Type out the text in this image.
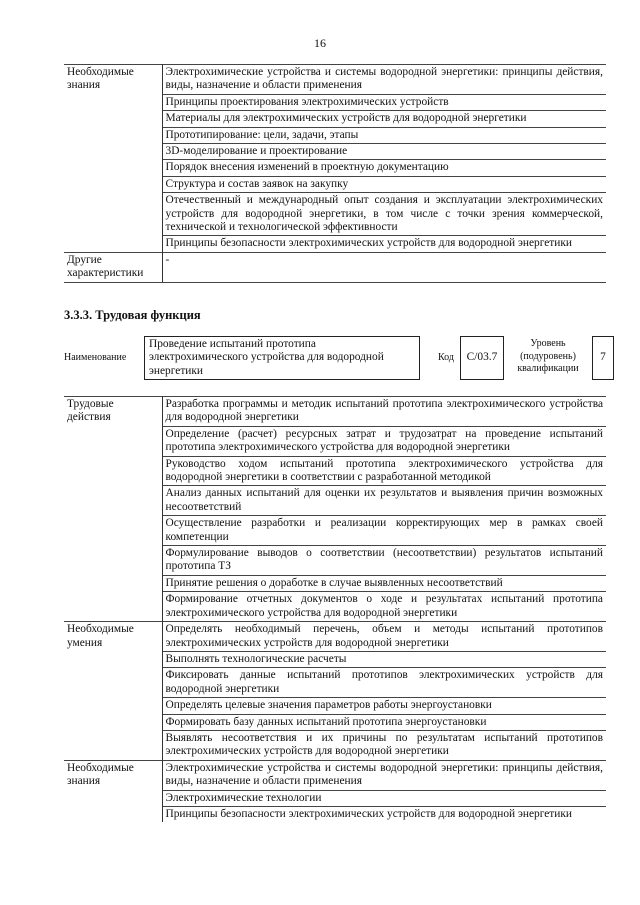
16
Необходимые знания	Электрохимические устройства и системы водородной энергетики: принципы действия, виды, назначение и области применения
	Принципы проектирования электрохимических устройств
	Материалы для электрохимических устройств для водородной энергетики
	Прототипирование: цели, задачи, этапы
	3D-моделирование и проектирование
	Порядок внесения изменений в проектную документацию
	Структура и состав заявок на закупку
	Отечественный и международный опыт создания и эксплуатации электрохимических устройств для водородной энергетики, в том числе с точки зрения коммерческой, технической и технологической эффективности
	Принципы безопасности электрохимических устройств для водородной энергетики
Другие характеристики	-
3.3.3. Трудовая функция
Наименование
Проведение испытаний прототипа электрохимического устройства для водородной энергетики
Код	C/03.7
Уровень (подуровень) квалификации
7
Трудовые действия	Разработка программы и методик испытаний прототипа электрохимического устройства для водородной энергетики
	Определение (расчет) ресурсных затрат и трудозатрат на проведение испытаний прототипа электрохимического устройства для водородной энергетики
	Руководство ходом испытаний прототипа электрохимического устройства для водородной энергетики в соответствии с разработанной методикой
	Анализ данных испытаний для оценки их результатов и выявления причин возможных несоответствий
	Осуществление разработки и реализации корректирующих мер в рамках своей компетенции
	Формулирование выводов о соответствии (несоответствии) результатов испытаний прототипа ТЗ
	Принятие решения о доработке в случае выявленных несоответствий
	Формирование отчетных документов о ходе и результатах испытаний прототипа электрохимического устройства для водородной энергетики
Необходимые умения	Определять необходимый перечень, объем и методы испытаний прототипов электрохимических устройств для водородной энергетики
	Выполнять технологические расчеты
	Фиксировать данные испытаний прототипов электрохимических устройств для водородной энергетики
	Определять целевые значения параметров работы энергоустановки
	Формировать базу данных испытаний прототипа энергоустановки
	Выявлять несоответствия и их причины по результатам испытаний прототипов электрохимических устройств для водородной энергетики
Необходимые знания	Электрохимические устройства и системы водородной энергетики: принципы действия, виды, назначение и области применения
	Электрохимические технологии
	Принципы безопасности электрохимических устройств для водородной энергетики
